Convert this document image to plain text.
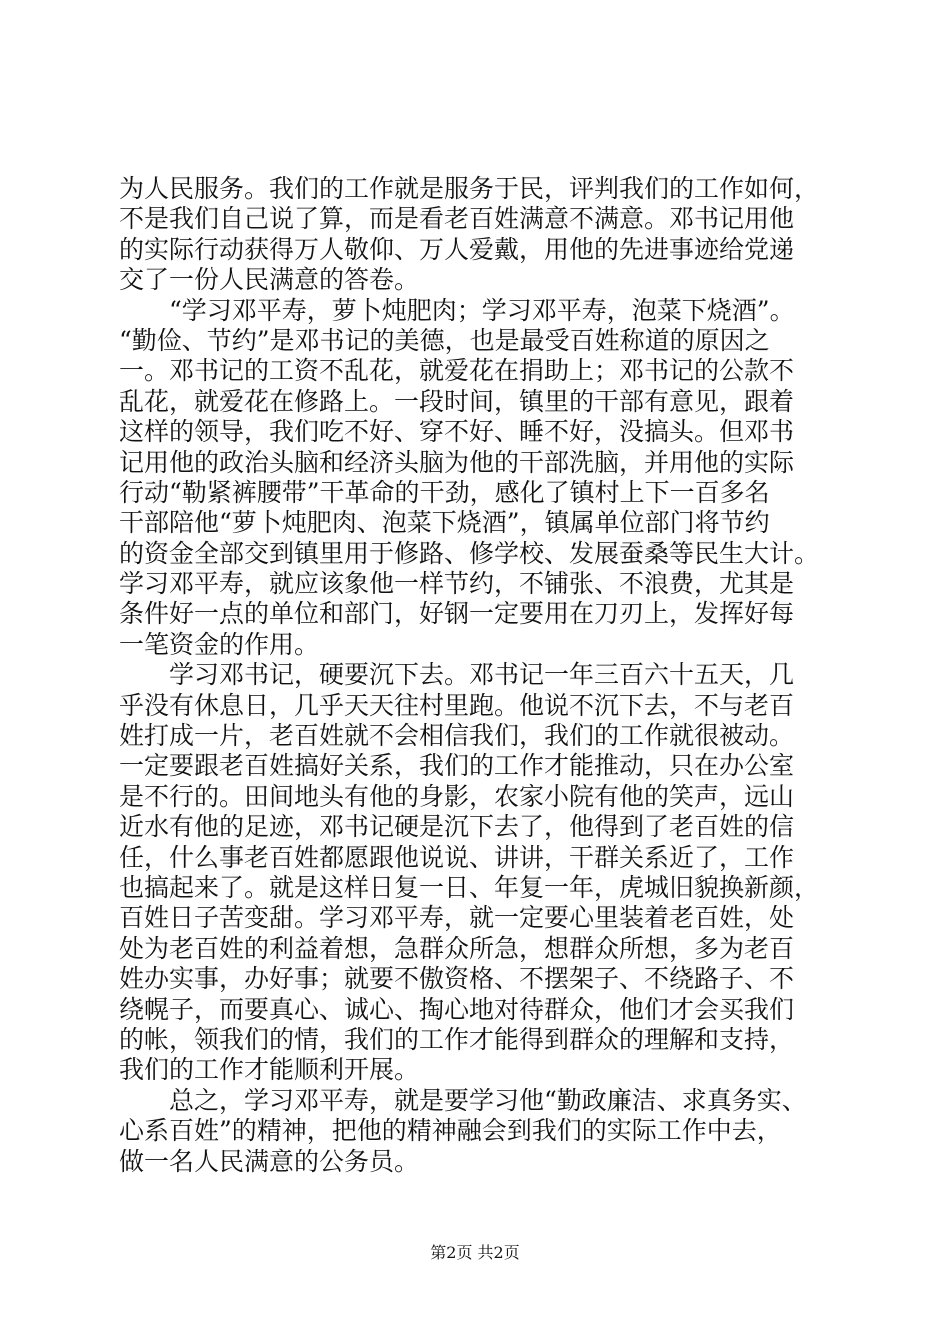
为人民服务。我们的工作就是服务于民，评判我们的工作如何，
不是我们自己说了算，而是看老百姓满意不满意。邓书记用他
的实际行动获得万人敬仰、万人爱戴，用他的先进事迹给党递
交了一份人民满意的答卷。
　　“学习邓平寿，萝卜炖肥肉；学习邓平寿，泡菜下烧酒”。
“勤俭、节约”是邓书记的美德，也是最受百姓称道的原因之
一。邓书记的工资不乱花，就爱花在捐助上；邓书记的公款不
乱花，就爱花在修路上。一段时间，镇里的干部有意见，跟着
这样的领导，我们吃不好、穿不好、睡不好，没搞头。但邓书
记用他的政治头脑和经济头脑为他的干部洗脑，并用他的实际
行动“勒紧裤腰带”干革命的干劲，感化了镇村上下一百多名
干部陪他“萝卜炖肥肉、泡菜下烧酒”，镇属单位部门将节约
的资金全部交到镇里用于修路、修学校、发展蚕桑等民生大计。
学习邓平寿，就应该象他一样节约，不铺张、不浪费，尤其是
条件好一点的单位和部门，好钢一定要用在刀刃上，发挥好每
一笔资金的作用。
　　学习邓书记，硬要沉下去。邓书记一年三百六十五天，几
乎没有休息日，几乎天天往村里跑。他说不沉下去，不与老百
姓打成一片，老百姓就不会相信我们，我们的工作就很被动。
一定要跟老百姓搞好关系，我们的工作才能推动，只在办公室
是不行的。田间地头有他的身影，农家小院有他的笑声，远山
近水有他的足迹，邓书记硬是沉下去了，他得到了老百姓的信
任，什么事老百姓都愿跟他说说、讲讲，干群关系近了，工作
也搞起来了。就是这样日复一日、年复一年，虎城旧貌换新颜，
百姓日子苦变甜。学习邓平寿，就一定要心里装着老百姓，处
处为老百姓的利益着想，急群众所急，想群众所想，多为老百
姓办实事，办好事；就要不傲资格、不摆架子、不绕路子、不
绕幌子，而要真心、诚心、掏心地对待群众，他们才会买我们
的帐，领我们的情，我们的工作才能得到群众的理解和支持，
我们的工作才能顺利开展。
　　总之，学习邓平寿，就是要学习他“勤政廉洁、求真务实、
心系百姓”的精神，把他的精神融会到我们的实际工作中去，
做一名人民满意的公务员。
第2页 共2页
